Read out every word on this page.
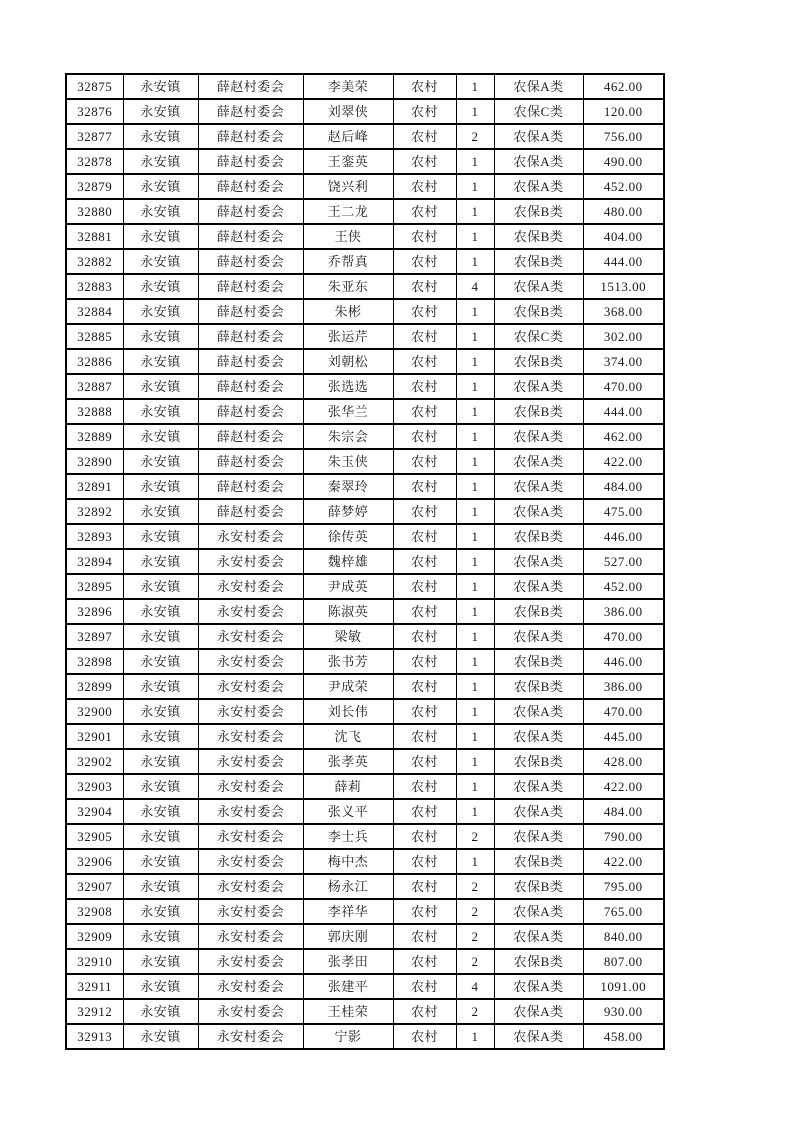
32875	永安镇	薛赵村委会	李美荣	农村	1	农保A类	462.00
32876	永安镇	薛赵村委会	刘翠侠	农村	1	农保C类	120.00
32877	永安镇	薛赵村委会	赵后峰	农村	2	农保A类	756.00
32878	永安镇	薛赵村委会	王銮英	农村	1	农保A类	490.00
32879	永安镇	薛赵村委会	饶兴利	农村	1	农保A类	452.00
32880	永安镇	薛赵村委会	王二龙	农村	1	农保B类	480.00
32881	永安镇	薛赵村委会	王侠	农村	1	农保B类	404.00
32882	永安镇	薛赵村委会	乔帮真	农村	1	农保B类	444.00
32883	永安镇	薛赵村委会	朱亚东	农村	4	农保A类	1513.00
32884	永安镇	薛赵村委会	朱彬	农村	1	农保B类	368.00
32885	永安镇	薛赵村委会	张运芹	农村	1	农保C类	302.00
32886	永安镇	薛赵村委会	刘朝松	农村	1	农保B类	374.00
32887	永安镇	薛赵村委会	张选选	农村	1	农保A类	470.00
32888	永安镇	薛赵村委会	张华兰	农村	1	农保B类	444.00
32889	永安镇	薛赵村委会	朱宗会	农村	1	农保A类	462.00
32890	永安镇	薛赵村委会	朱玉侠	农村	1	农保A类	422.00
32891	永安镇	薛赵村委会	秦翠玲	农村	1	农保A类	484.00
32892	永安镇	薛赵村委会	薛梦婷	农村	1	农保A类	475.00
32893	永安镇	永安村委会	徐传英	农村	1	农保B类	446.00
32894	永安镇	永安村委会	魏梓雄	农村	1	农保A类	527.00
32895	永安镇	永安村委会	尹成英	农村	1	农保A类	452.00
32896	永安镇	永安村委会	陈淑英	农村	1	农保B类	386.00
32897	永安镇	永安村委会	梁敏	农村	1	农保A类	470.00
32898	永安镇	永安村委会	张书芳	农村	1	农保B类	446.00
32899	永安镇	永安村委会	尹成荣	农村	1	农保B类	386.00
32900	永安镇	永安村委会	刘长伟	农村	1	农保A类	470.00
32901	永安镇	永安村委会	沈飞	农村	1	农保A类	445.00
32902	永安镇	永安村委会	张孝英	农村	1	农保B类	428.00
32903	永安镇	永安村委会	薛莉	农村	1	农保A类	422.00
32904	永安镇	永安村委会	张义平	农村	1	农保A类	484.00
32905	永安镇	永安村委会	李士兵	农村	2	农保A类	790.00
32906	永安镇	永安村委会	梅中杰	农村	1	农保B类	422.00
32907	永安镇	永安村委会	杨永江	农村	2	农保B类	795.00
32908	永安镇	永安村委会	李祥华	农村	2	农保A类	765.00
32909	永安镇	永安村委会	郭庆刚	农村	2	农保A类	840.00
32910	永安镇	永安村委会	张孝田	农村	2	农保B类	807.00
32911	永安镇	永安村委会	张建平	农村	4	农保A类	1091.00
32912	永安镇	永安村委会	王桂荣	农村	2	农保A类	930.00
32913	永安镇	永安村委会	宁影	农村	1	农保A类	458.00
